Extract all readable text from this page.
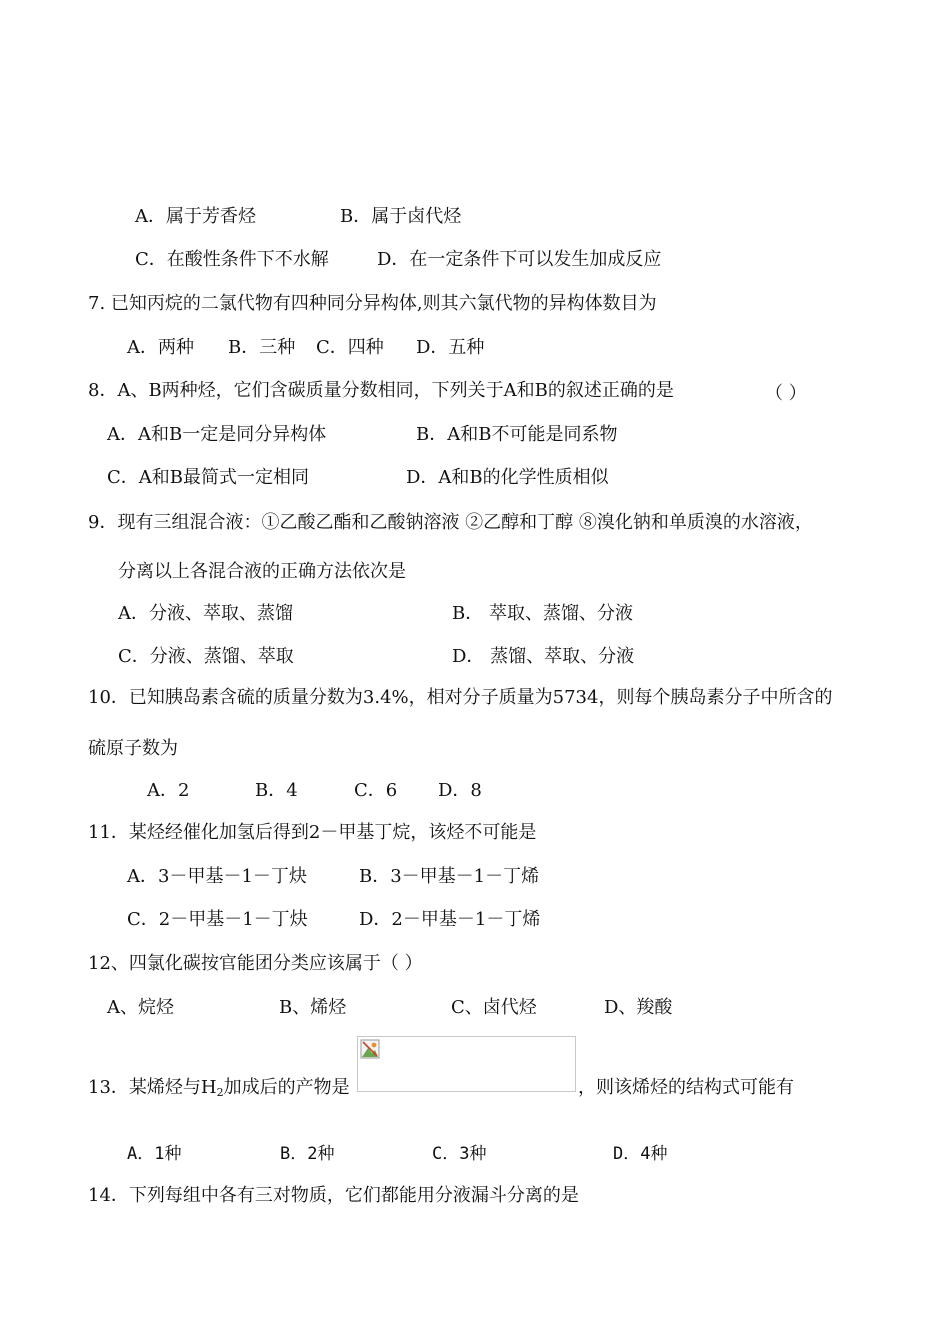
A．属于芳香烃	B．属于卤代烃
C．在酸性条件下不水解	D．在一定条件下可以发生加成反应
7. 已知丙烷的二氯代物有四种同分异构体,则其六氯代物的异构体数目为
A．两种 B．三种 C．四种 D．五种
8．A、B两种烃，它们含碳质量分数相同，下列关于A和B的叙述正确的是	（ ）
A．A和B一定是同分异构体	B．A和B不可能是同系物
C．A和B最简式一定相同	D．A和B的化学性质相似
9．现有三组混合液：①乙酸乙酯和乙酸钠溶液 ②乙醇和丁醇 ⑧溴化钠和单质溴的水溶液，
分离以上各混合液的正确方法依次是
A．分液、萃取、蒸馏	B． 萃取、蒸馏、分液
C．分液、蒸馏、萃取	D． 蒸馏、萃取、分液
10．已知胰岛素含硫的质量分数为3.4%，相对分子质量为5734，则每个胰岛素分子中所含的
硫原子数为
A．2	B．4	C．6 D．8
11．某烃经催化加氢后得到2－甲基丁烷，该烃不可能是
A．3－甲基－1－丁炔	B．3－甲基－1－丁烯
C．2－甲基－1－丁炔	D．2－甲基－1－丁烯
12、四氯化碳按官能团分类应该属于（ ）
A、烷烃	B、烯烃	C、卤代烃	D、羧酸
13．某烯烃与$H_2$加成后的产物是	，则该烯烃的结构式可能有
A．1种	B．2种	C．3种	D．4种
14．下列每组中各有三对物质，它们都能用分液漏斗分离的是
